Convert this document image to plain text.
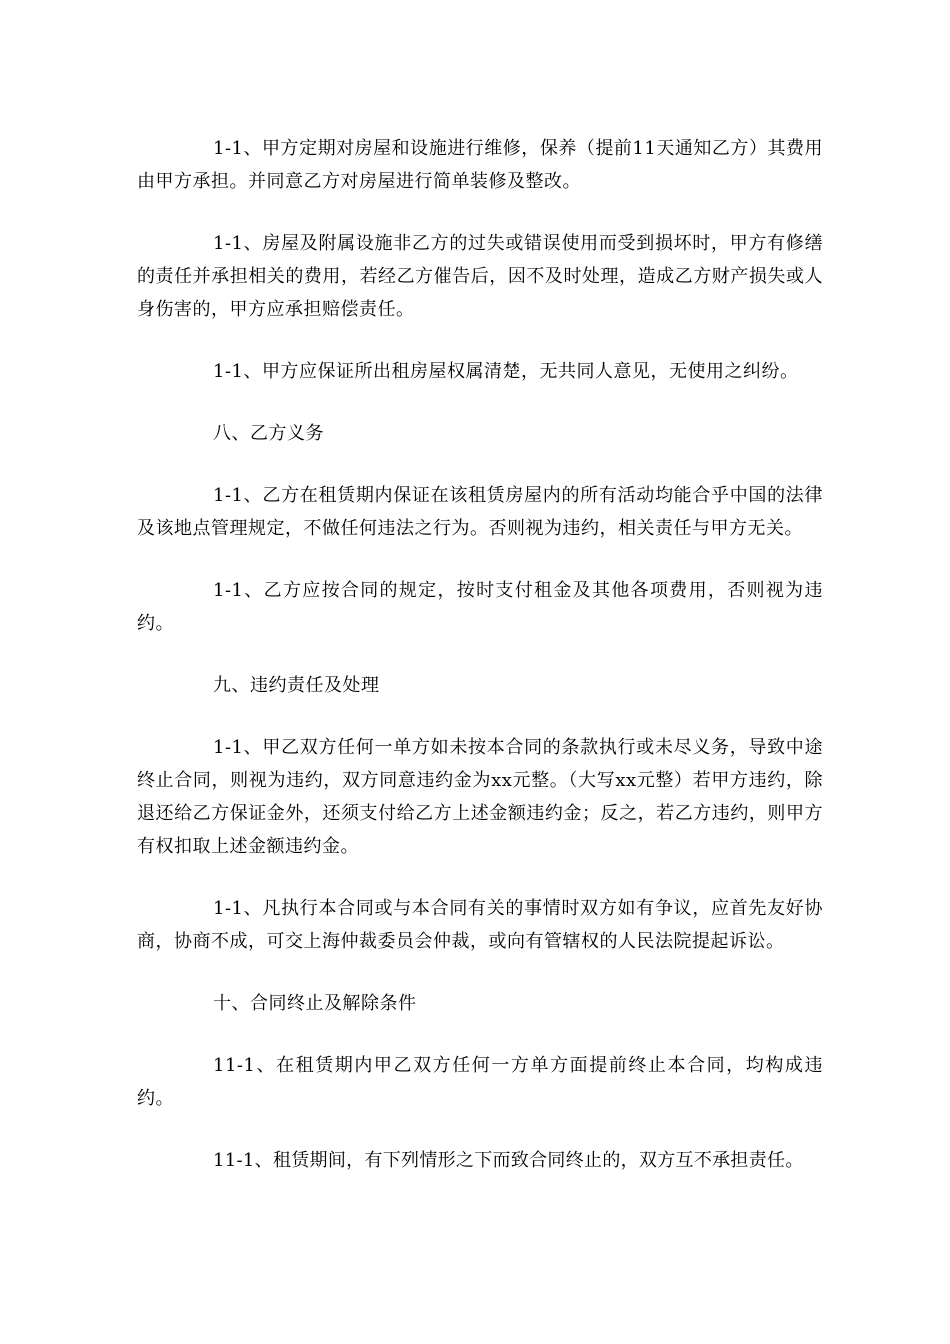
1-1、甲方定期对房屋和设施进行维修，保养（提前11天通知乙方）其费用由甲方承担。并同意乙方对房屋进行简单装修及整改。

1-1、房屋及附属设施非乙方的过失或错误使用而受到损坏时，甲方有修缮的责任并承担相关的费用，若经乙方催告后，因不及时处理，造成乙方财产损失或人身伤害的，甲方应承担赔偿责任。

1-1、甲方应保证所出租房屋权属清楚，无共同人意见，无使用之纠纷。

八、乙方义务

1-1、乙方在租赁期内保证在该租赁房屋内的所有活动均能合乎中国的法律及该地点管理规定，不做任何违法之行为。否则视为违约，相关责任与甲方无关。

1-1、乙方应按合同的规定，按时支付租金及其他各项费用，否则视为违约。

九、违约责任及处理

1-1、甲乙双方任何一单方如未按本合同的条款执行或未尽义务，导致中途终止合同，则视为违约，双方同意违约金为xx元整。（大写xx元整）若甲方违约，除退还给乙方保证金外，还须支付给乙方上述金额违约金；反之，若乙方违约，则甲方有权扣取上述金额违约金。

1-1、凡执行本合同或与本合同有关的事情时双方如有争议，应首先友好协商，协商不成，可交上海仲裁委员会仲裁，或向有管辖权的人民法院提起诉讼。

十、合同终止及解除条件

11-1、在租赁期内甲乙双方任何一方单方面提前终止本合同，均构成违约。

11-1、租赁期间，有下列情形之下而致合同终止的，双方互不承担责任。
